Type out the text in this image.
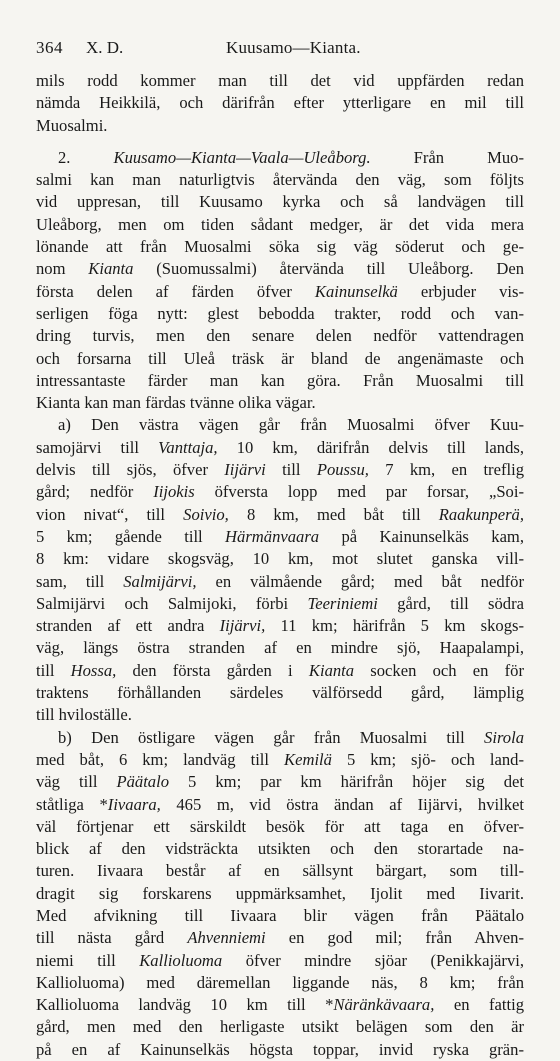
364 X. D.	Kuusamo—Kianta.
mils rodd kommer man till det vid uppfärden redan
nämda Heikkilä, och därifrån efter ytterligare en mil till
Muosalmi.
2. Kuusamo—Kianta—Vaala—Uleåborg. Från Muo-
salmi kan man naturligtvis återvända den väg, som följts
vid uppresan, till Kuusamo kyrka och så landvägen till
Uleåborg, men om tiden sådant medger, är det vida mera
lönande att från Muosalmi söka sig väg söderut och ge-
nom Kianta (Suomussalmi) återvända till Uleåborg. Den
första delen af färden öfver Kainunselkä erbjuder vis-
serligen föga nytt: glest bebodda trakter, rodd och van-
dring turvis, men den senare delen nedför vattendragen
och forsarna till Uleå träsk är bland de angenämaste och
intressantaste färder man kan göra. Från Muosalmi till
Kianta kan man färdas tvänne olika vägar.
a) Den västra vägen går från Muosalmi öfver Kuu-
samojärvi till Vanttaja, 10 km, därifrån delvis till lands,
delvis till sjös, öfver Iijärvi till Poussu, 7 km, en treflig
gård; nedför Iijokis öfversta lopp med par forsar, „Soi-
vion nivat“, till Soivio, 8 km, med båt till Raakunperä,
5 km; gående till Härmänvaara på Kainunselkäs kam,
8 km: vidare skogsväg, 10 km, mot slutet ganska vill-
sam, till Salmijärvi, en välmående gård; med båt nedför
Salmijärvi och Salmijoki, förbi Teeriniemi gård, till södra
stranden af ett andra Iijärvi, 11 km; härifrån 5 km skogs-
väg, längs östra stranden af en mindre sjö, Haapalampi,
till Hossa, den första gården i Kianta socken och en för
traktens förhållanden särdeles välförsedd gård, lämplig
till hviloställe.
b) Den östligare vägen går från Muosalmi till Sirola
med båt, 6 km; landväg till Kemilä 5 km; sjö- och land-
väg till Päätalo 5 km; par km härifrån höjer sig det
ståtliga *Iivaara, 465 m, vid östra ändan af Iijärvi, hvilket
väl förtjenar ett särskildt besök för att taga en öfver-
blick af den vidsträckta utsikten och den storartade na-
turen. Iivaara består af en sällsynt bärgart, som till-
dragit sig forskarens uppmärksamhet, Ijolit med Iivarit.
Med afvikning till Iivaara blir vägen från Päätalo
till nästa gård Ahvenniemi en god mil; från Ahven-
niemi till Kallioluoma öfver mindre sjöar (Penikkajärvi,
Kallioluoma) med däremellan liggande näs, 8 km; från
Kallioluoma landväg 10 km till *Näränkävaara, en fattig
gård, men med den herligaste utsikt belägen som den är
på en af Kainunselkäs högsta toppar, invid ryska grän-
